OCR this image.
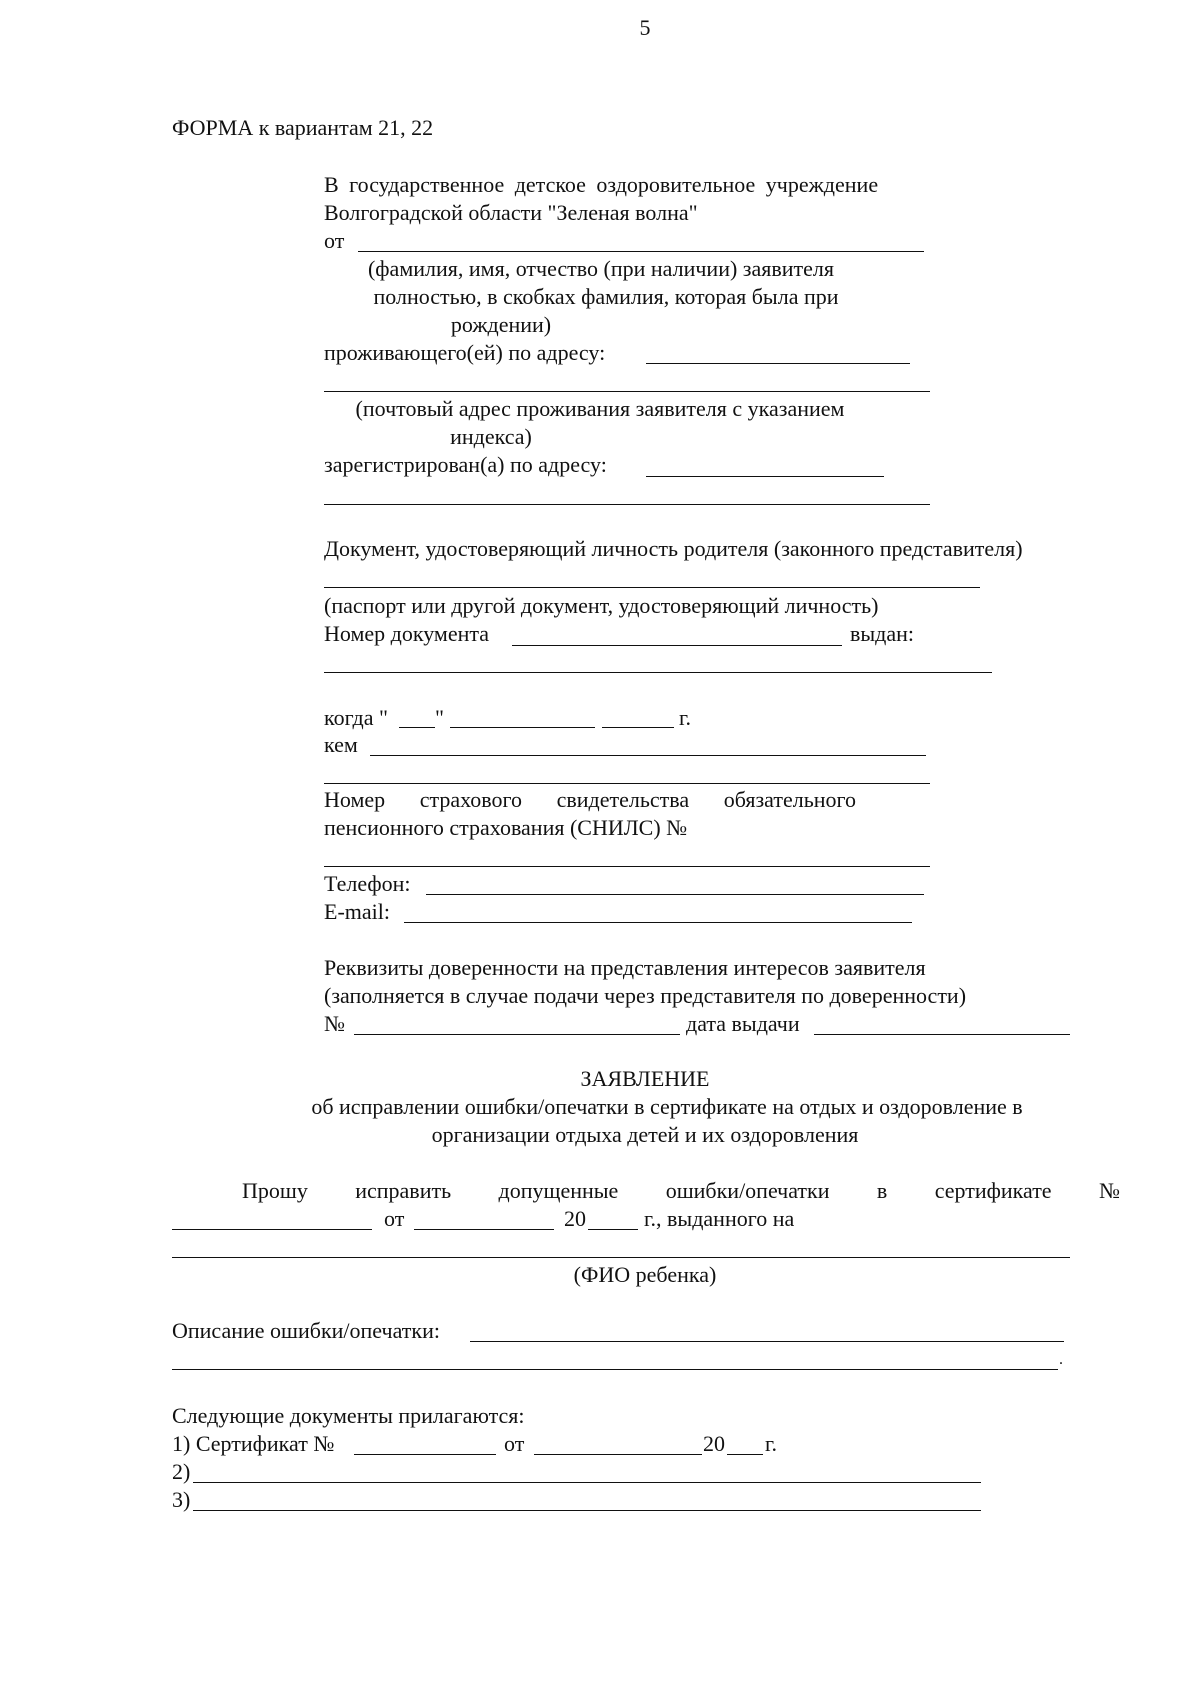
5
ФОРМА к вариантам 21, 22
В государственное детское оздоровительное учреждение
Волгоградской области "Зеленая волна"
от
(фамилия, имя, отчество (при наличии) заявителя
полностью, в скобках фамилия, которая была при
рождении)
проживающего(ей) по адресу:
(почтовый адрес проживания заявителя с указанием
индекса)
зарегистрирован(а) по адресу:
Документ, удостоверяющий личность родителя (законного представителя)
(паспорт или другой документ, удостоверяющий личность)
Номер документа	выдан:
когда " "	г.
кем
Номер страхового свидетельства обязательного
пенсионного страхования (СНИЛС) №
Телефон:
E-mail:
Реквизиты доверенности на представления интересов заявителя
(заполняется в случае подачи через представителя по доверенности)
№	дата выдачи
ЗАЯВЛЕНИЕ
об исправлении ошибки/опечатки в сертификате на отдых и оздоровление в
организации отдыха детей и их оздоровления
Прошу исправить допущенные ошибки/опечатки в сертификате №
от	20	г., выданного на
(ФИО ребенка)
Описание ошибки/опечатки:
.
Следующие документы прилагаются:
1) Сертификат №	от	20 г.
2)
3)
